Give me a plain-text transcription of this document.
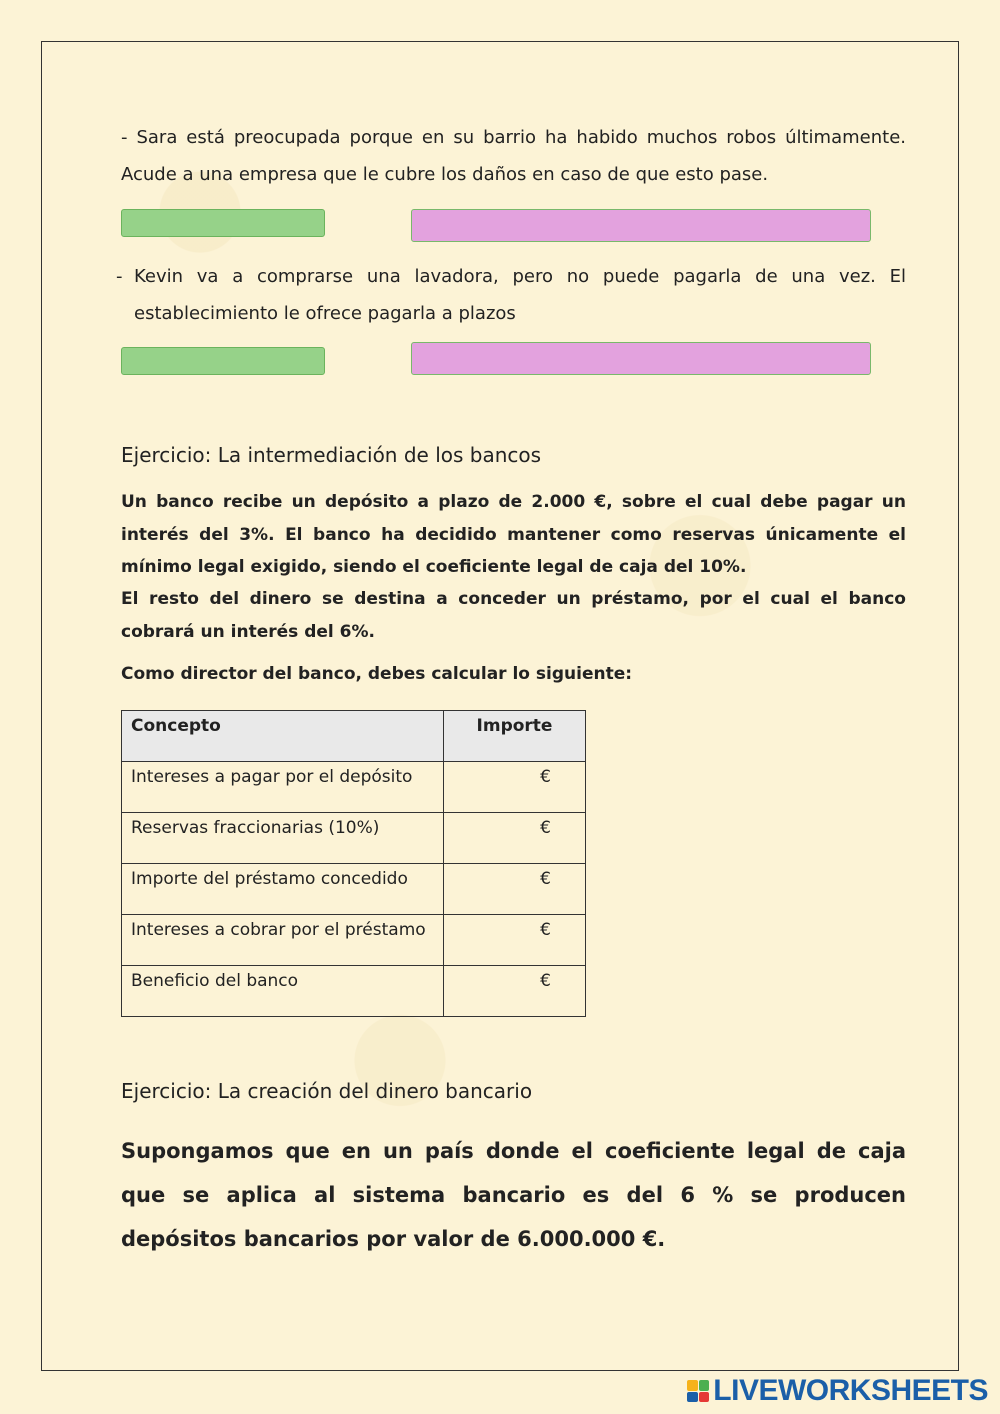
- Sara está preocupada porque en su barrio ha habido muchos robos últimamente. Acude a una empresa que le cubre los daños en caso de que esto pase.

- Kevin va a comprarse una lavadora, pero no puede pagarla de una vez. El establecimiento le ofrece pagarla a plazos

Ejercicio: La intermediación de los bancos

Un banco recibe un depósito a plazo de 2.000 €, sobre el cual debe pagar un interés del 3%. El banco ha decidido mantener como reservas únicamente el mínimo legal exigido, siendo el coeficiente legal de caja del 10%.

El resto del dinero se destina a conceder un préstamo, por el cual el banco cobrará un interés del 6%.

Como director del banco, debes calcular lo siguiente:

Concepto	Importe
Intereses a pagar por el depósito	€
Reservas fraccionarias (10%)	€
Importe del préstamo concedido	€
Intereses a cobrar por el préstamo	€
Beneficio del banco	€
Ejercicio: La creación del dinero bancario

Supongamos que en un país donde el coeficiente legal de caja que se aplica al sistema bancario es del 6 % se producen depósitos bancarios por valor de 6.000.000 €.

LIVEWORKSHEETS
